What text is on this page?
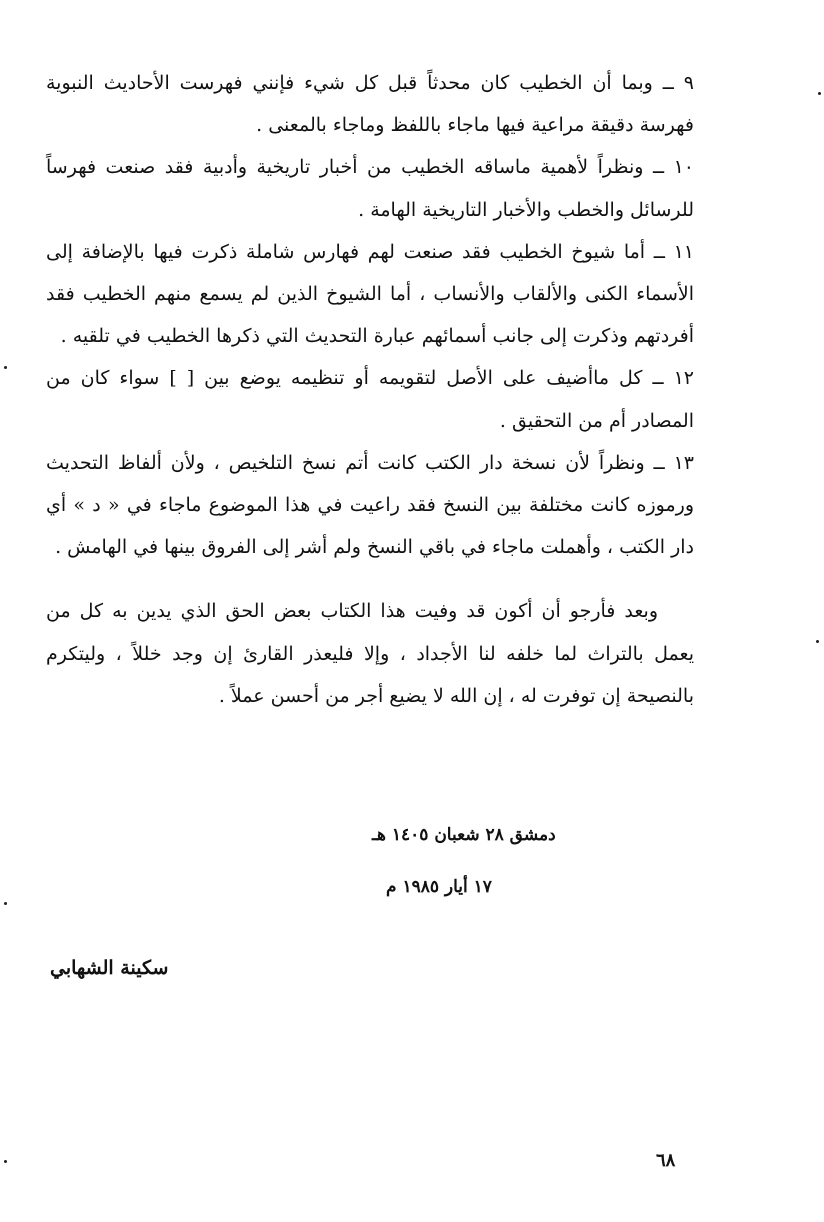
٩ ــ وبما أن الخطيب كان محدثاً قبل كل شيء فإنني فهرست الأحاديث النبوية فهرسة دقيقة مراعية فيها ماجاء باللفظ وماجاء بالمعنى .

١٠ ــ ونظراً لأهمية ماساقه الخطيب من أخبار تاريخية وأدبية فقد صنعت فهرساً للرسائل والخطب والأخبار التاريخية الهامة .

١١ ــ أما شيوخ الخطيب فقد صنعت لهم فهارس شاملة ذكرت فيها بالإضافة إلى الأسماء الكنى والألقاب والأنساب ، أما الشيوخ الذين لم يسمع منهم الخطيب فقد أفردتهم وذكرت إلى جانب أسمائهم عبارة التحديث التي ذكرها الخطيب في تلقيه .

١٢ ــ كل ماأضيف على الأصل لتقويمه أو تنظيمه يوضع بين [ ] سواء كان من المصادر أم من التحقيق .

١٣ ــ ونظراً لأن نسخة دار الكتب كانت أتم نسخ التلخيص ، ولأن ألفاظ التحديث ورموزه كانت مختلفة بين النسخ فقد راعيت في هذا الموضوع ماجاء في « د » أي دار الكتب ، وأهملت ماجاء في باقي النسخ ولم أشر إلى الفروق بينها في الهامش .

وبعد فأرجو أن أكون قد وفيت هذا الكتاب بعض الحق الذي يدين به كل من يعمل بالتراث لما خلفه لنا الأجداد ، وإلا فليعذر القارئ إن وجد خللاً ، وليتكرم بالنصيحة إن توفرت له ، إن الله لا يضيع أجر من أحسن عملاً .

دمشق ٢٨ شعبان ١٤٠٥ هـ
١٧ أيار ١٩٨٥ م
سكينة الشهابي
٦٨
